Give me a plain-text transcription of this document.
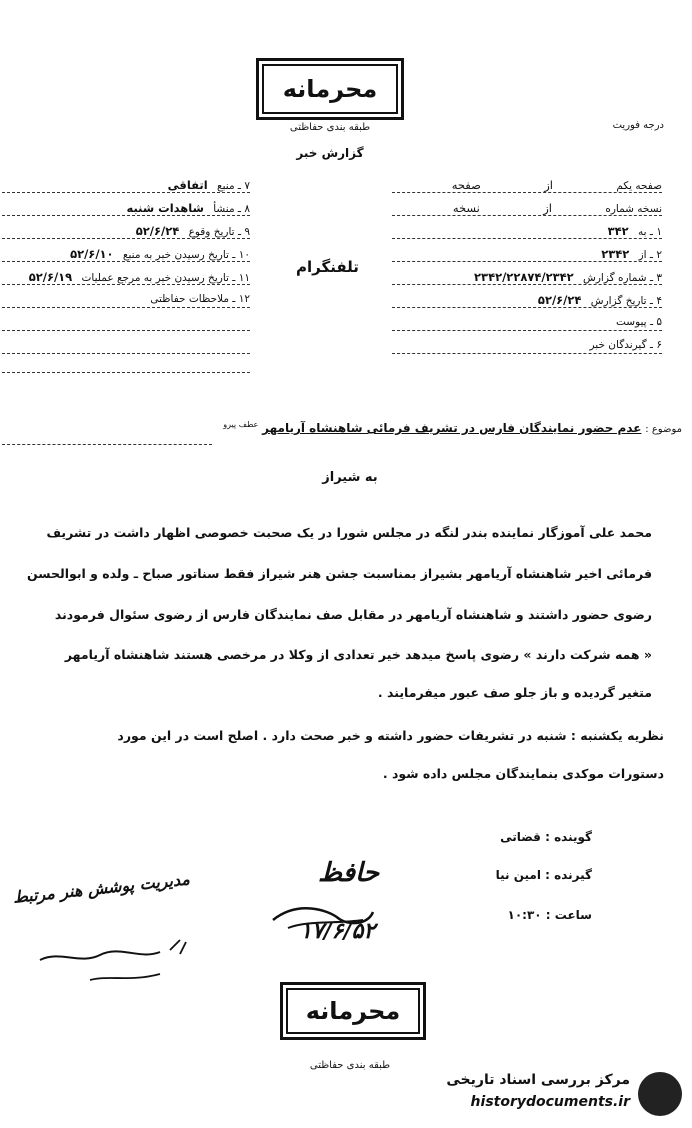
محرمانه
طبقه بندی حفاظتی
گزارش خبر
درجه فوریت
صفحه یکم از صفحه
نسخه شماره از نسخه
۱ ـ به ۳۴۲
۲ ـ از ۲۳۴۲
۳ ـ شماره گزارش ۲۳۴۲/۲۲۸۷۴/۲۳۴۲
۴ ـ تاریخ گزارش ۵۲/۶/۲۴
۵ ـ پیوست
۶ ـ گیرندگان خبر
تلفنگرام
۷ ـ منبع اتفاقی
۸ ـ منشأ شاهدات شنبه
۹ ـ تاریخ وقوع ۵۲/۶/۲۴
۱۰ ـ تاریخ رسیدن خبر به منبع ۵۲/۶/۱۰
۱۱ ـ تاریخ رسیدن خبر به مرجع عملیات ۵۲/۶/۱۹
۱۲ ـ ملاحظات حفاظتی
موضوع : عدم حضور نمایندگان فارس در تشریف فرمائی شاهنشاه آریامهر $^{عطف پیرو}$
به شیراز
محمد علی آموزگار نماینده بندر لنگه در مجلس شورا در یک صحبت خصوصی اظهار داشت در تشریف
فرمائی اخیر شاهنشاه آریامهر بشیراز بمناسبت جشن هنر شیراز فقط سناتور صباح ـ ولده و ابوالحسن
رضوی حضور داشتند و شاهنشاه آریامهر در مقابل صف نمایندگان فارس از رضوی سئوال فرمودند
« همه شرکت دارند » رضوی پاسخ میدهد خیر تعدادی از وکلا در مرخصی هستند شاهنشاه آریامهر
متغیر گردیده و باز جلو صف عبور میفرمایند .
نظریه یکشنبه : شنبه در تشریفات حضور داشته و خبر صحت دارد . اصلح است در این مورد
دستورات موکدی بنمایندگان مجلس داده شود .
گوینده : قضاتی
گیرنده : امین نیا
ساعت : ۱۰:۳۰
حافظ
۱۷/۶/۵۲
مدیریت پوشش هنر مرتبط
محرمانه
طبقه بندی حفاظتی
مرکز بررسی اسناد تاریخی
historydocuments.ir
